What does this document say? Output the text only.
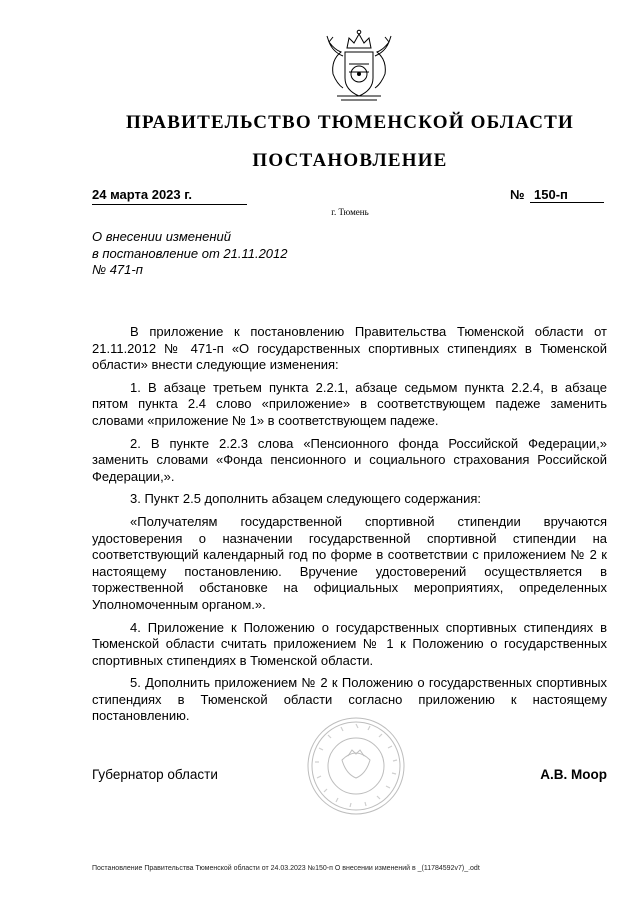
ПРАВИТЕЛЬСТВО ТЮМЕНСКОЙ ОБЛАСТИ
ПОСТАНОВЛЕНИЕ
24 марта 2023 г.	№ 150-п
г. Тюмень
О внесении изменений
в постановление от 21.11.2012
№ 471-п

В приложение к постановлению Правительства Тюменской области от 21.11.2012 № 471-п «О государственных спортивных стипендиях в Тюменской области» внести следующие изменения:

1. В абзаце третьем пункта 2.2.1, абзаце седьмом пункта 2.2.4, в абзаце пятом пункта 2.4 слово «приложение» в соответствующем падеже заменить словами «приложение № 1» в соответствующем падеже.

2. В пункте 2.2.3 слова «Пенсионного фонда Российской Федерации,» заменить словами «Фонда пенсионного и социального страхования Российской Федерации,».

3. Пункт 2.5 дополнить абзацем следующего содержания:

«Получателям государственной спортивной стипендии вручаются удостоверения о назначении государственной спортивной стипендии на соответствующий календарный год по форме в соответствии с приложением № 2 к настоящему постановлению. Вручение удостоверений осуществляется в торжественной обстановке на официальных мероприятиях, определенных Уполномоченным органом.».

4. Приложение к Положению о государственных спортивных стипендиях в Тюменской области считать приложением № 1 к Положению о государственных спортивных стипендиях в Тюменской области.

5. Дополнить приложением № 2 к Положению о государственных спортивных стипендиях в Тюменской области согласно приложению к настоящему постановлению.

Губернатор области	А.В. Моор
Постановление Правительства Тюменской области от 24.03.2023 №150-п О внесении изменений в _(11784592v7)_.odt
